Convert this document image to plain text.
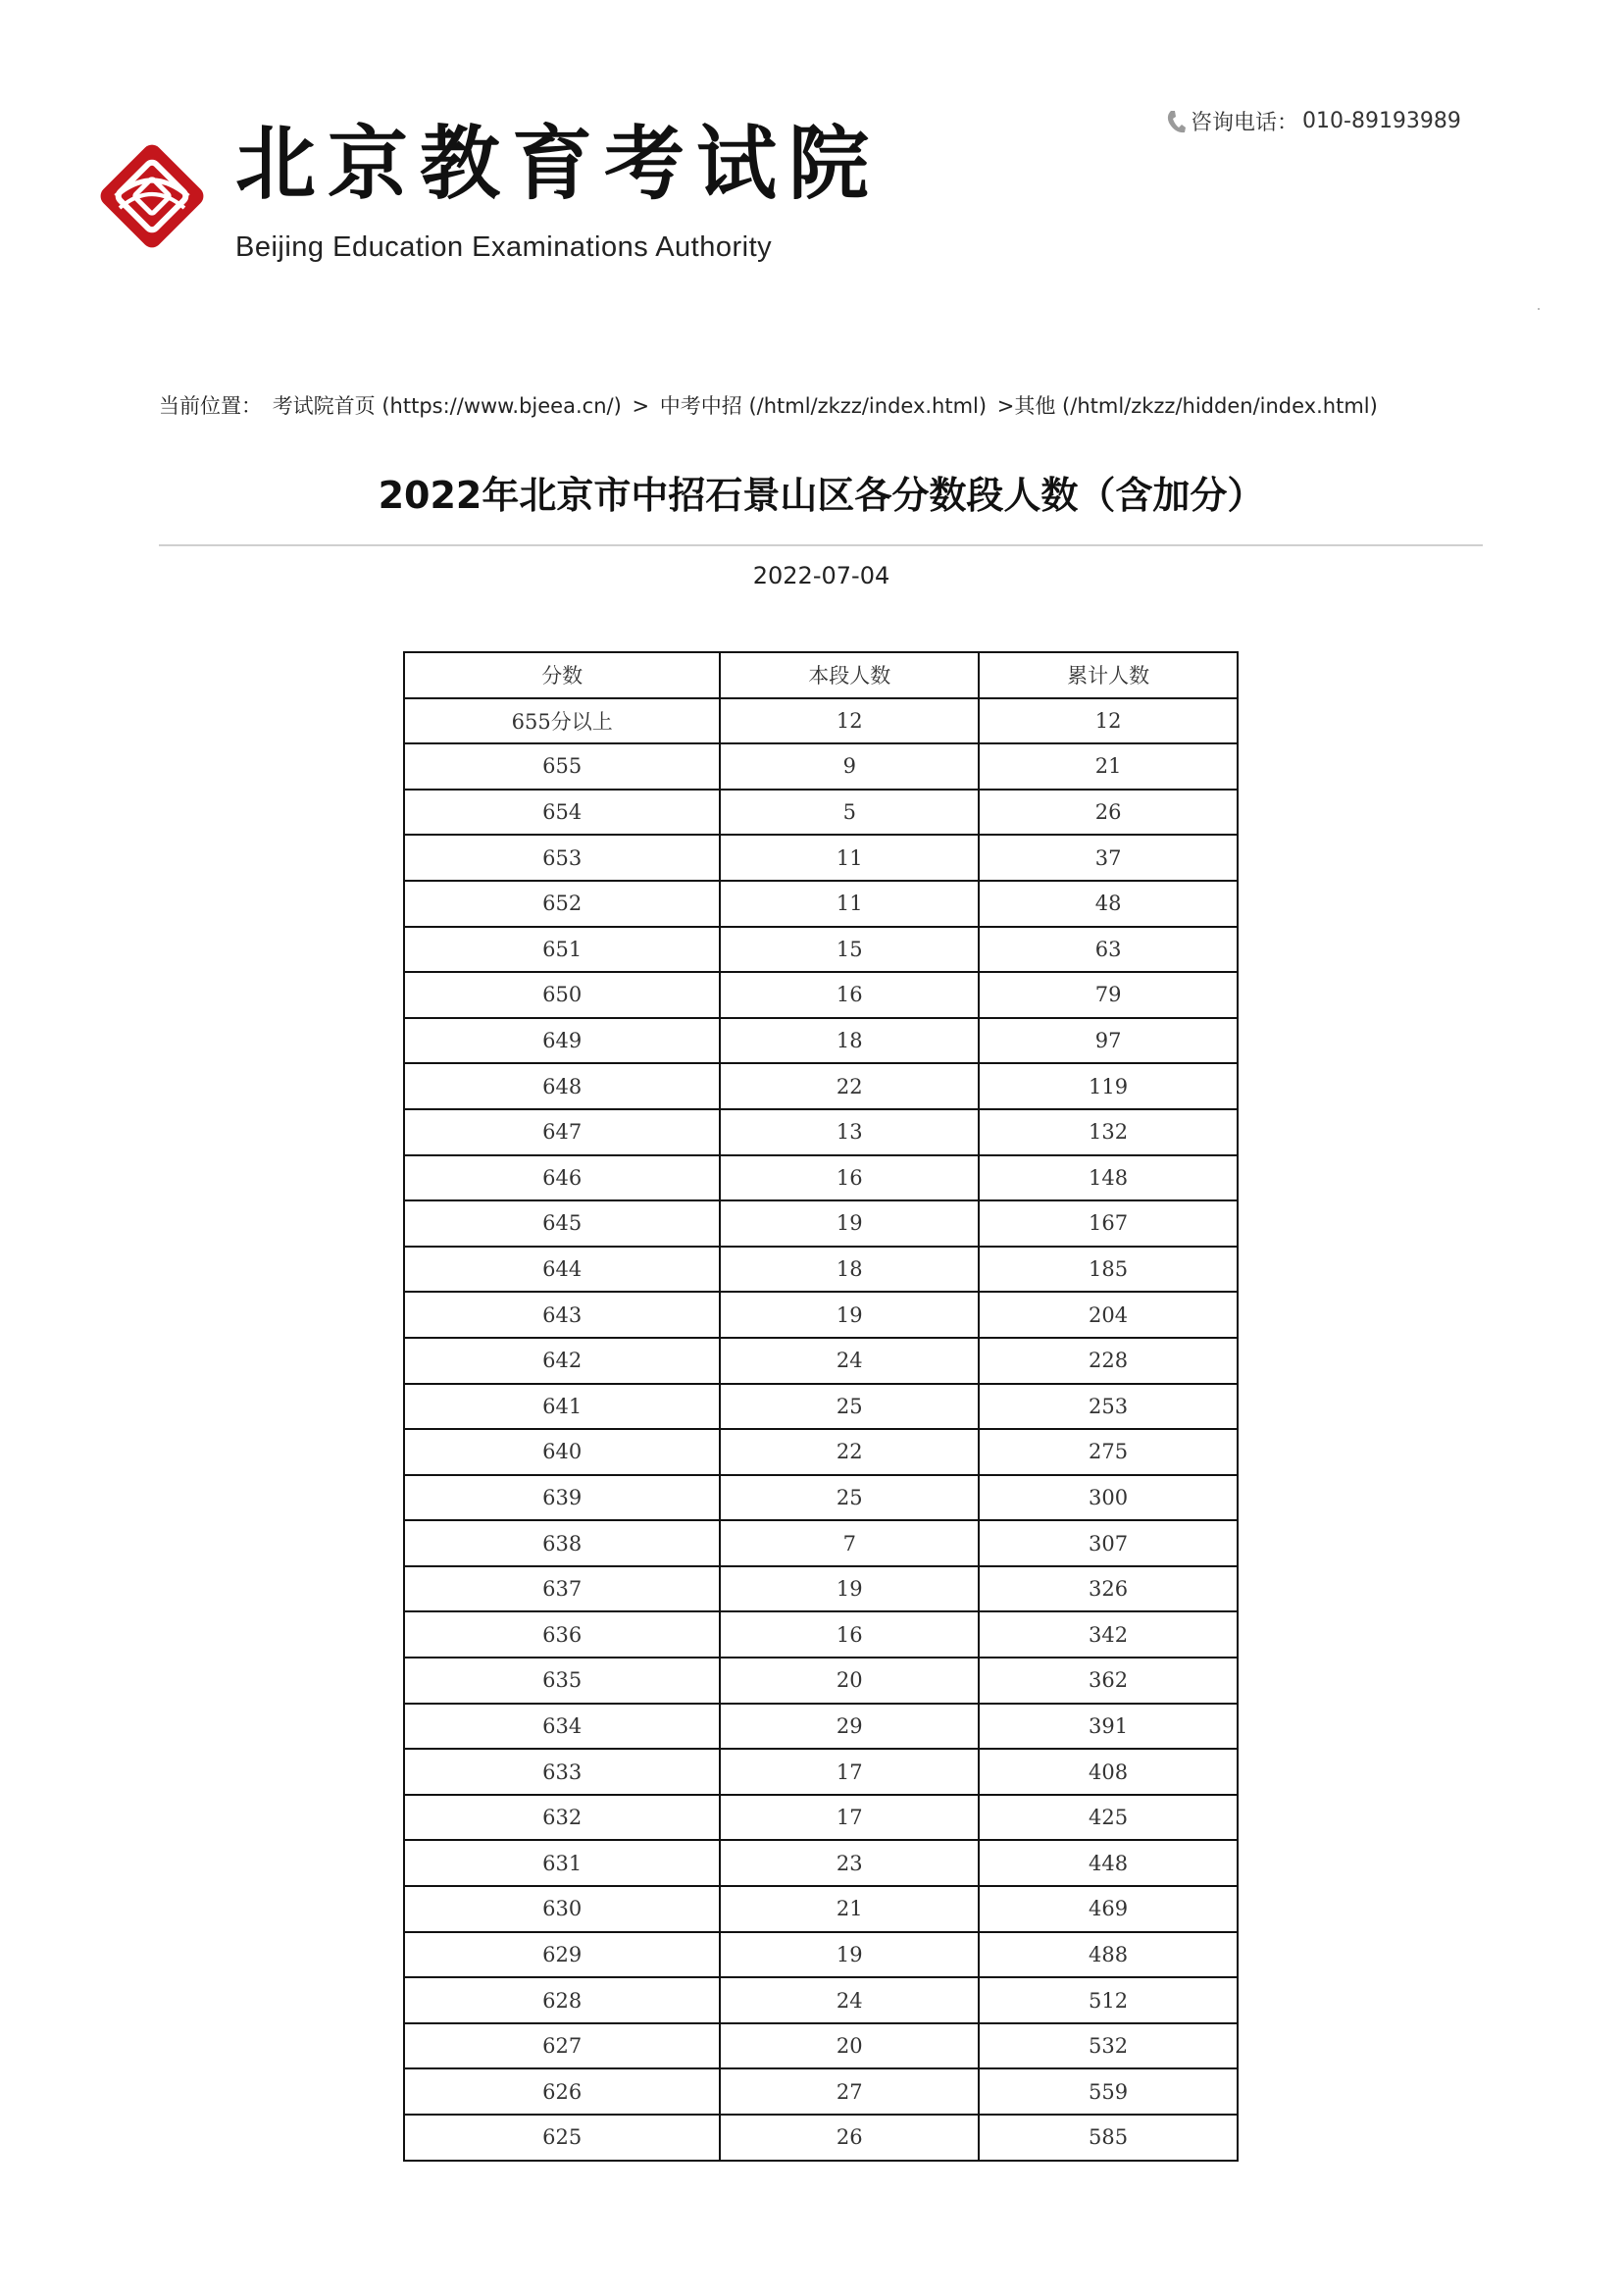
北京教育考试院
Beijing Education Examinations Authority
咨询电话： 010-89193989
当前位置： 考试院首页 (https://www.bjeea.cn/) > 中考中招 (/html/zkzz/index.html) >其他 (/html/zkzz/hidden/index.html)
2022年北京市中招石景山区各分数段人数（含加分）
2022-07-04
分数	本段人数	累计人数
655分以上	12	12
655	9	21
654	5	26
653	11	37
652	11	48
651	15	63
650	16	79
649	18	97
648	22	119
647	13	132
646	16	148
645	19	167
644	18	185
643	19	204
642	24	228
641	25	253
640	22	275
639	25	300
638	7	307
637	19	326
636	16	342
635	20	362
634	29	391
633	17	408
632	17	425
631	23	448
630	21	469
629	19	488
628	24	512
627	20	532
626	27	559
625	26	585
